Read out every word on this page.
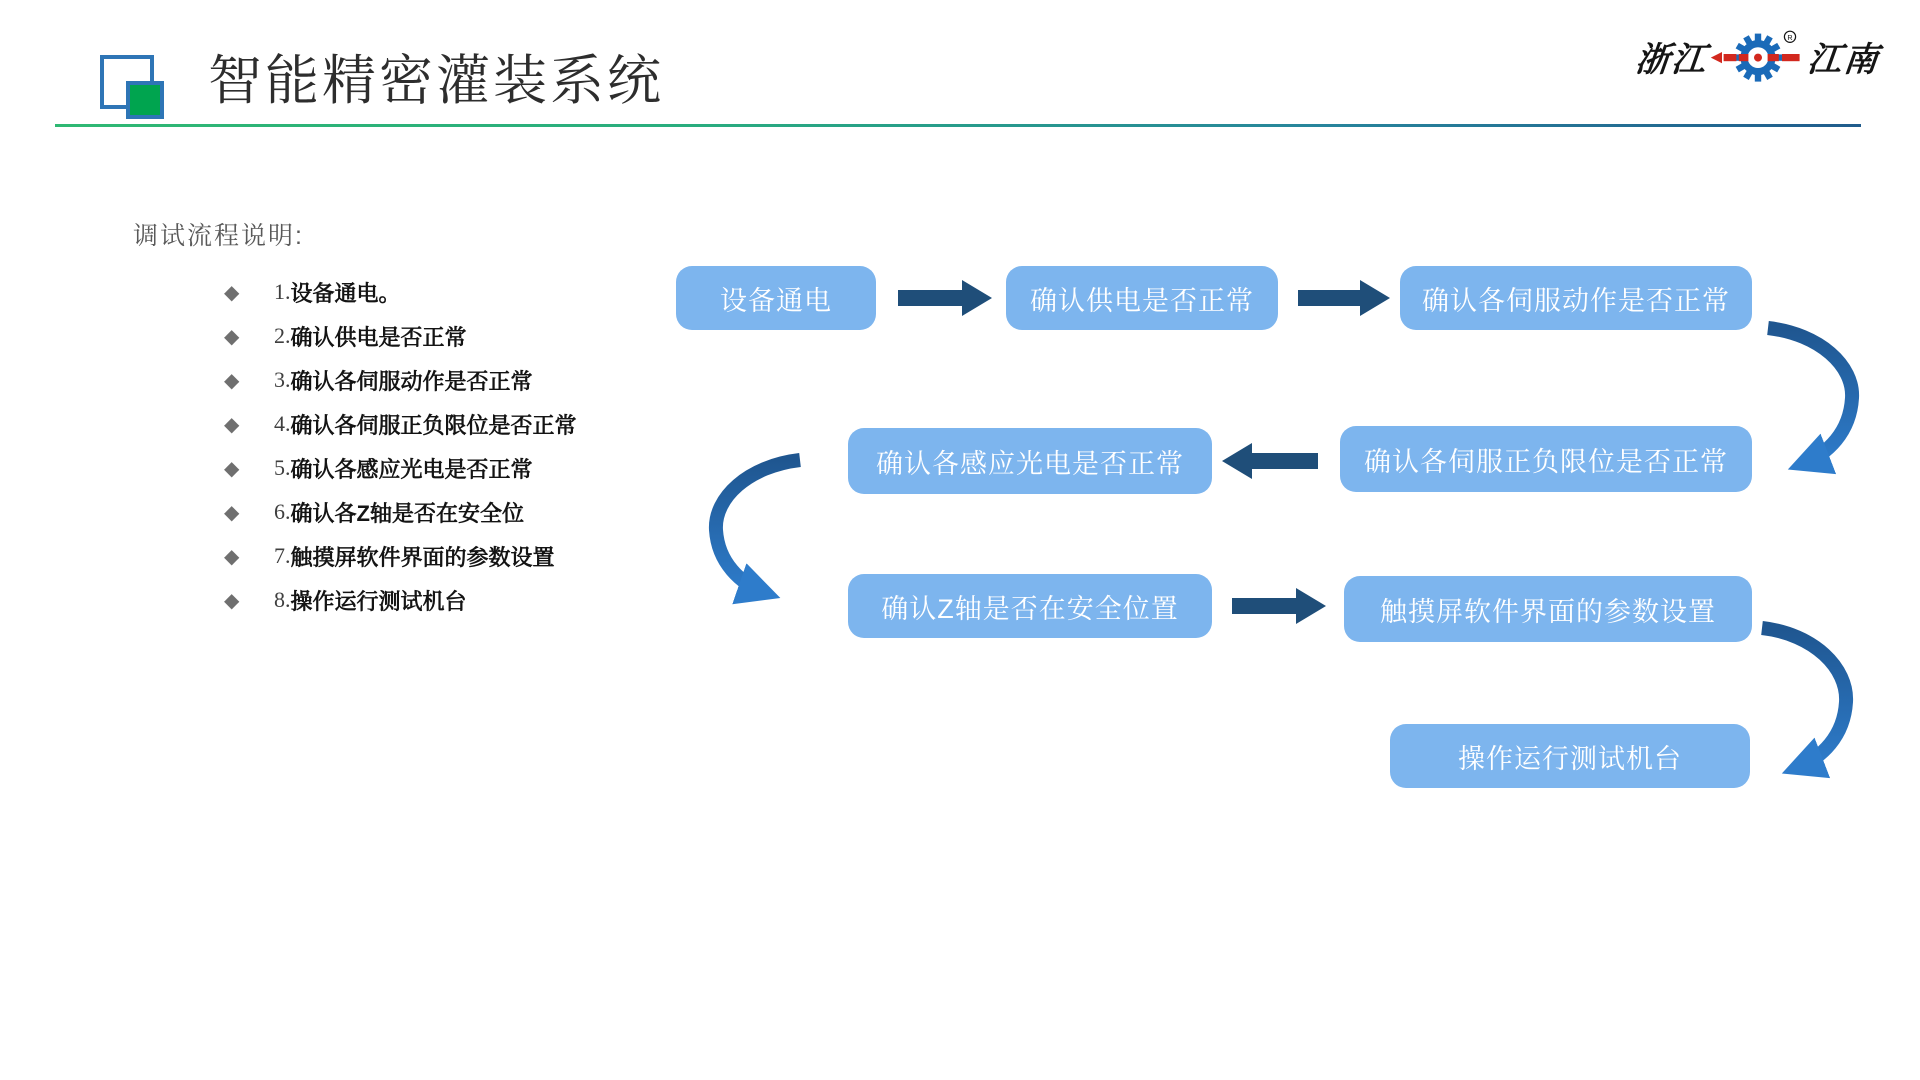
智能精密灌装系统	浙江
R
江南
调试流程说明:
◆	1. 设备通电。
◆	2. 确认供电是否正常
◆	3. 确认各伺服动作是否正常
◆	4. 确认各伺服正负限位是否正常
◆	5. 确认各感应光电是否正常
◆	6. 确认各Z轴是否在安全位
◆	7. 触摸屏软件界面的参数设置
◆	8. 操作运行测试机台
设备通电	确认供电是否正常	确认各伺服动作是否正常
确认各伺服正负限位是否正常
确认各感应光电是否正常
确认Z轴是否在安全位置	触摸屏软件界面的参数设置
操作运行测试机台
